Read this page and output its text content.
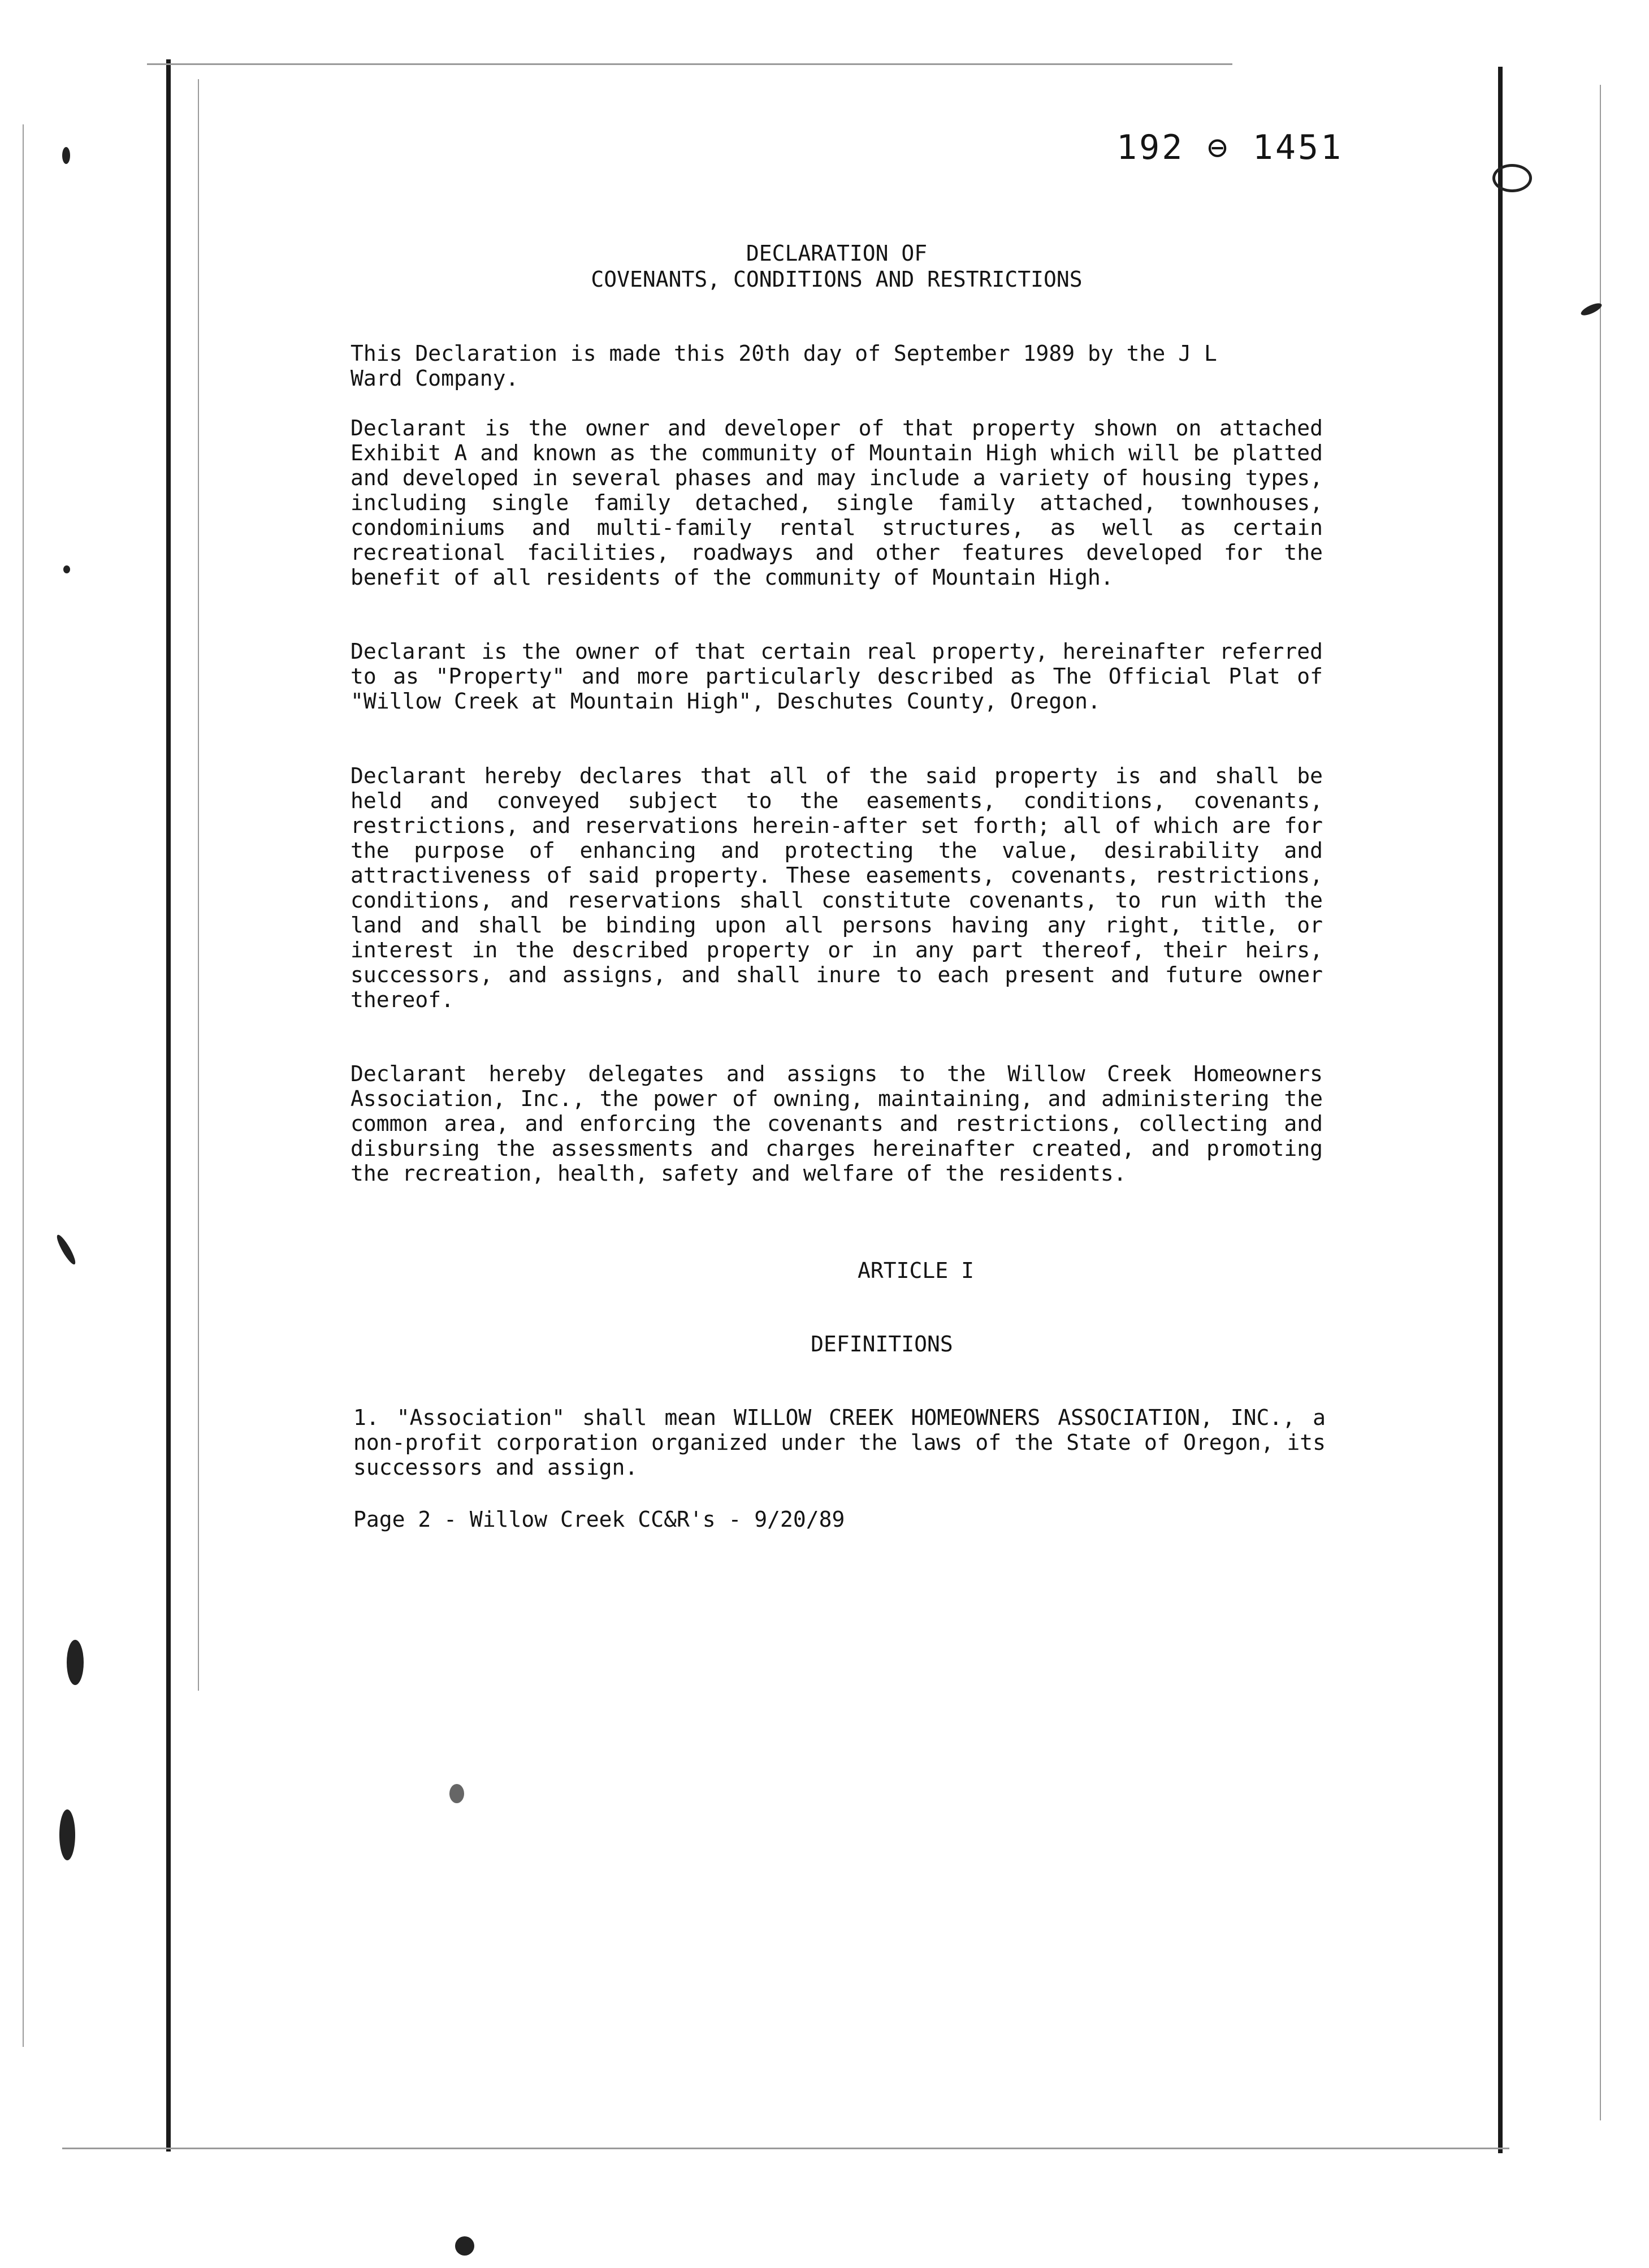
192 ⊖ 1451
DECLARATION OF
COVENANTS, CONDITIONS AND RESTRICTIONS
This Declaration is made this 20th day of September 1989 by the J L Ward Company.
Declarant is the owner and developer of that property shown on attached Exhibit A and known as the community of Mountain High which will be platted and developed in several phases and may include a variety of housing types, including single family detached, single family attached, townhouses, condominiums and multi-family rental structures, as well as certain recreational facilities, roadways and other features developed for the benefit of all residents of the community of Mountain High.
Declarant is the owner of that certain real property, hereinafter referred to as "Property" and more particularly described as The Official Plat of "Willow Creek at Mountain High", Deschutes County, Oregon.
Declarant hereby declares that all of the said property is and shall be held and conveyed subject to the easements, conditions, covenants, restrictions, and reservations herein-after set forth; all of which are for the purpose of enhancing and protecting the value, desirability and attractiveness of said property. These easements, covenants, restrictions, conditions, and reservations shall constitute covenants, to run with the land and shall be binding upon all persons having any right, title, or interest in the described property or in any part thereof, their heirs, successors, and assigns, and shall inure to each present and future owner thereof.
Declarant hereby delegates and assigns to the Willow Creek Homeowners Association, Inc., the power of owning, maintaining, and administering the common area, and enforcing the covenants and restrictions, collecting and disbursing the assessments and charges hereinafter created, and promoting the recreation, health, safety and welfare of the residents.
ARTICLE I
DEFINITIONS
1. "Association" shall mean WILLOW CREEK HOMEOWNERS ASSOCIATION, INC., a non-profit corporation organized under the laws of the State of Oregon, its successors and assign.
Page 2 - Willow Creek CC&R's - 9/20/89
